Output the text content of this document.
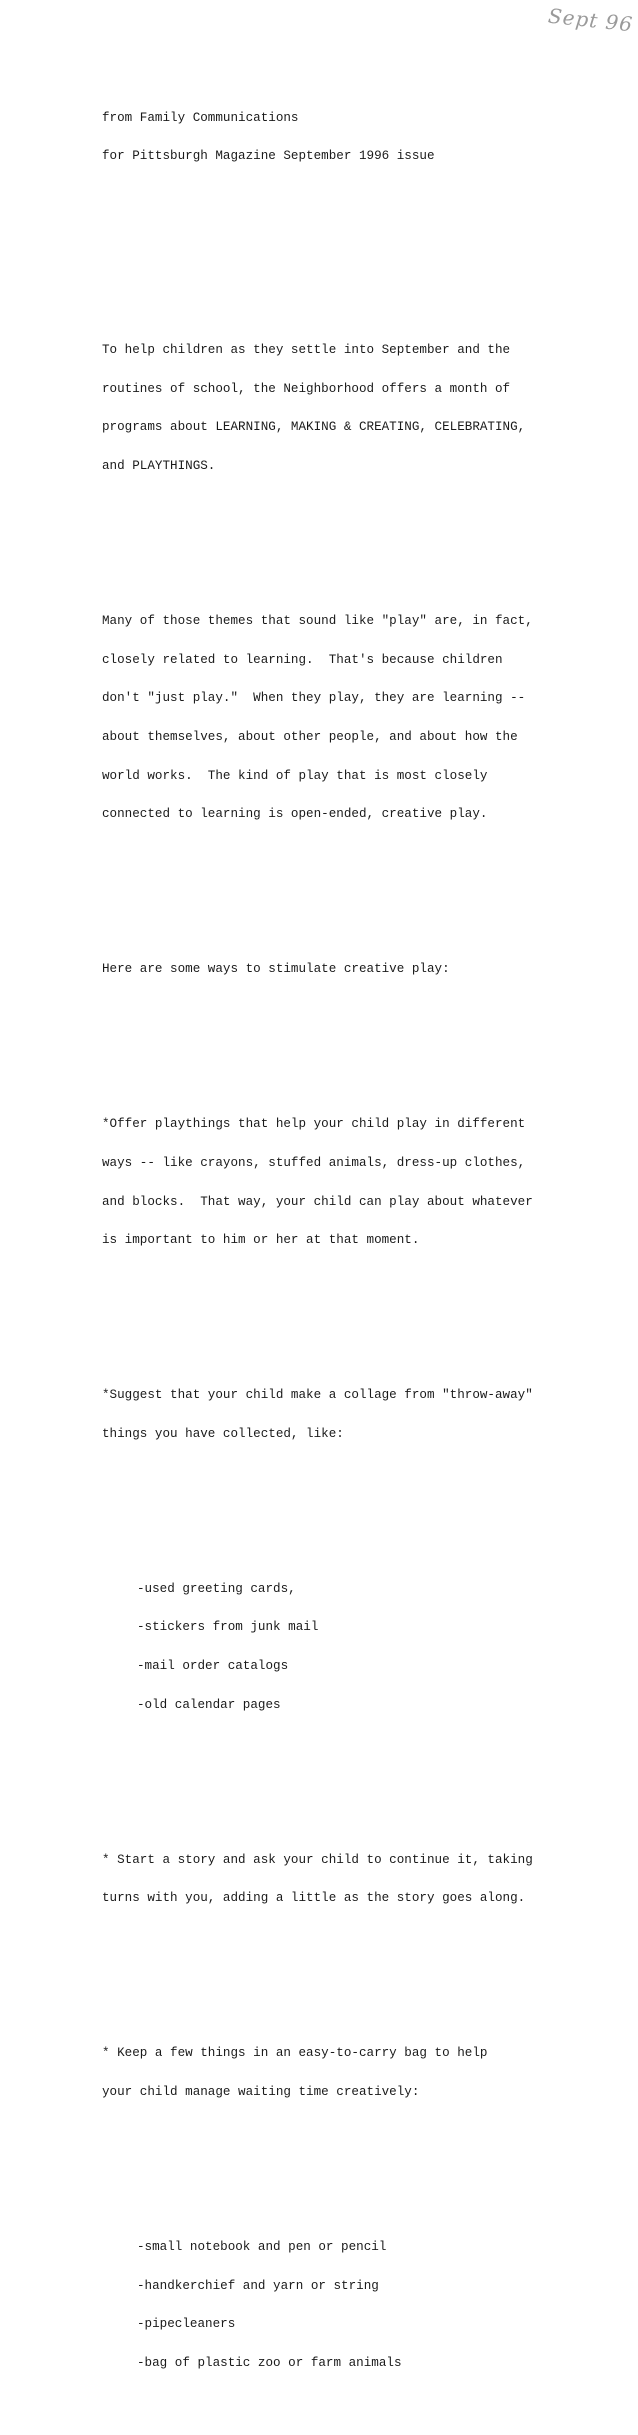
Sept 96

from Family Communications

for Pittsburgh Magazine September 1996 issue

To help children as they settle into September and the

routines of school, the Neighborhood offers a month of

programs about LEARNING, MAKING & CREATING, CELEBRATING,

and PLAYTHINGS.

Many of those themes that sound like "play" are, in fact,

closely related to learning.  That's because children

don't "just play."  When they play, they are learning --

about themselves, about other people, and about how the

world works.  The kind of play that is most closely

connected to learning is open-ended, creative play.

Here are some ways to stimulate creative play:

*Offer playthings that help your child play in different

ways -- like crayons, stuffed animals, dress-up clothes,

and blocks.  That way, your child can play about whatever

is important to him or her at that moment.

*Suggest that your child make a collage from "throw-away"

things you have collected, like:

-used greeting cards,

-stickers from junk mail

-mail order catalogs

-old calendar pages

* Start a story and ask your child to continue it, taking

turns with you, adding a little as the story goes along.

* Keep a few things in an easy-to-carry bag to help

your child manage waiting time creatively:

-small notebook and pen or pencil

-handkerchief and yarn or string

-pipecleaners

-bag of plastic zoo or farm animals
